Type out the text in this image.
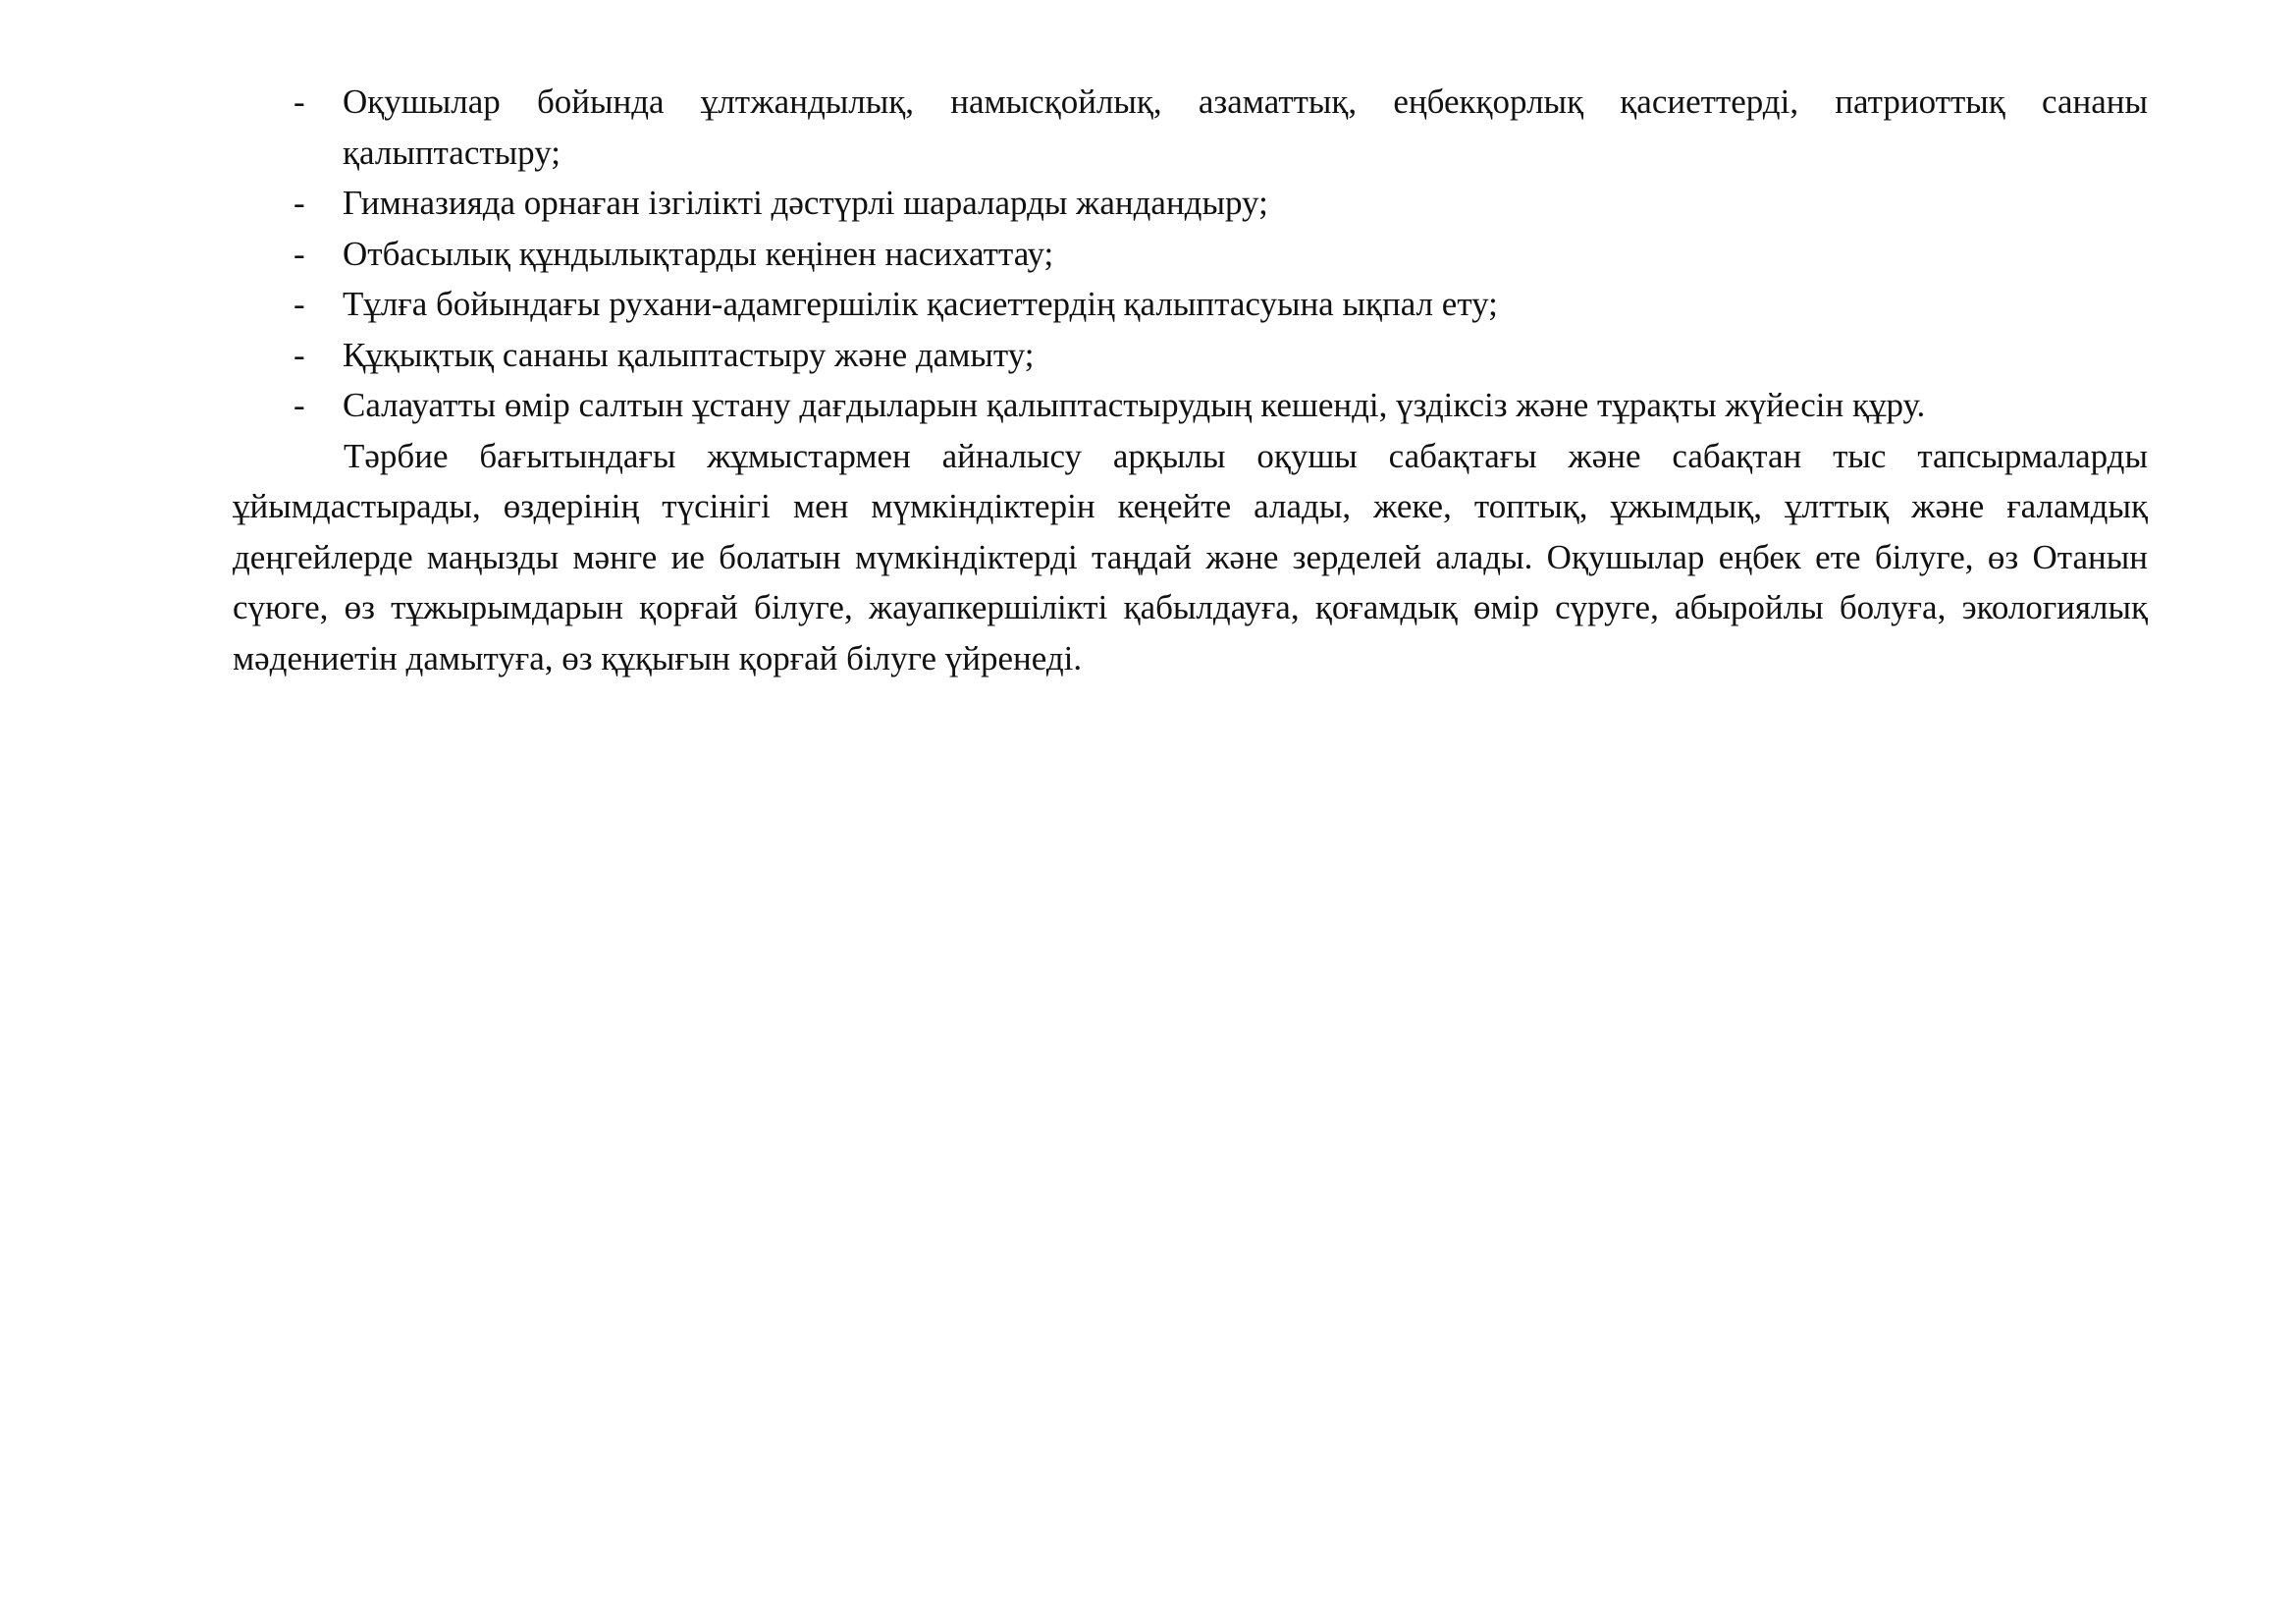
- Оқушылар бойында ұлтжандылық, намысқойлық, азаматтық, еңбекқорлық қасиеттерді, патриоттық сананы қалыптастыру;
- Гимназияда орнаған ізгілікті дәстүрлі шараларды жандандыру;
- Отбасылық құндылықтарды кеңінен насихаттау;
- Тұлға бойындағы рухани-адамгершілік қасиеттердің қалыптасуына ықпал ету;
- Құқықтық сананы қалыптастыру және дамыту;
- Салауатты өмір салтын ұстану дағдыларын қалыптастырудың кешенді, үздіксіз және тұрақты жүйесін құру.

Тәрбие бағытындағы жұмыстармен айналысу арқылы оқушы сабақтағы және сабақтан тыс тапсырмаларды ұйымдастырады, өздерінің түсінігі мен мүмкіндіктерін кеңейте алады, жеке, топтық, ұжымдық, ұлттық және ғаламдық деңгейлерде маңызды мәнге ие болатын мүмкіндіктерді таңдай және зерделей алады. Оқушылар еңбек ете білуге, өз Отанын сүюге, өз тұжырымдарын қорғай білуге, жауапкершілікті қабылдауға, қоғамдық өмір сүруге, абыройлы болуға, экологиялық мәдениетін дамытуға, өз құқығын қорғай білуге үйренеді.
